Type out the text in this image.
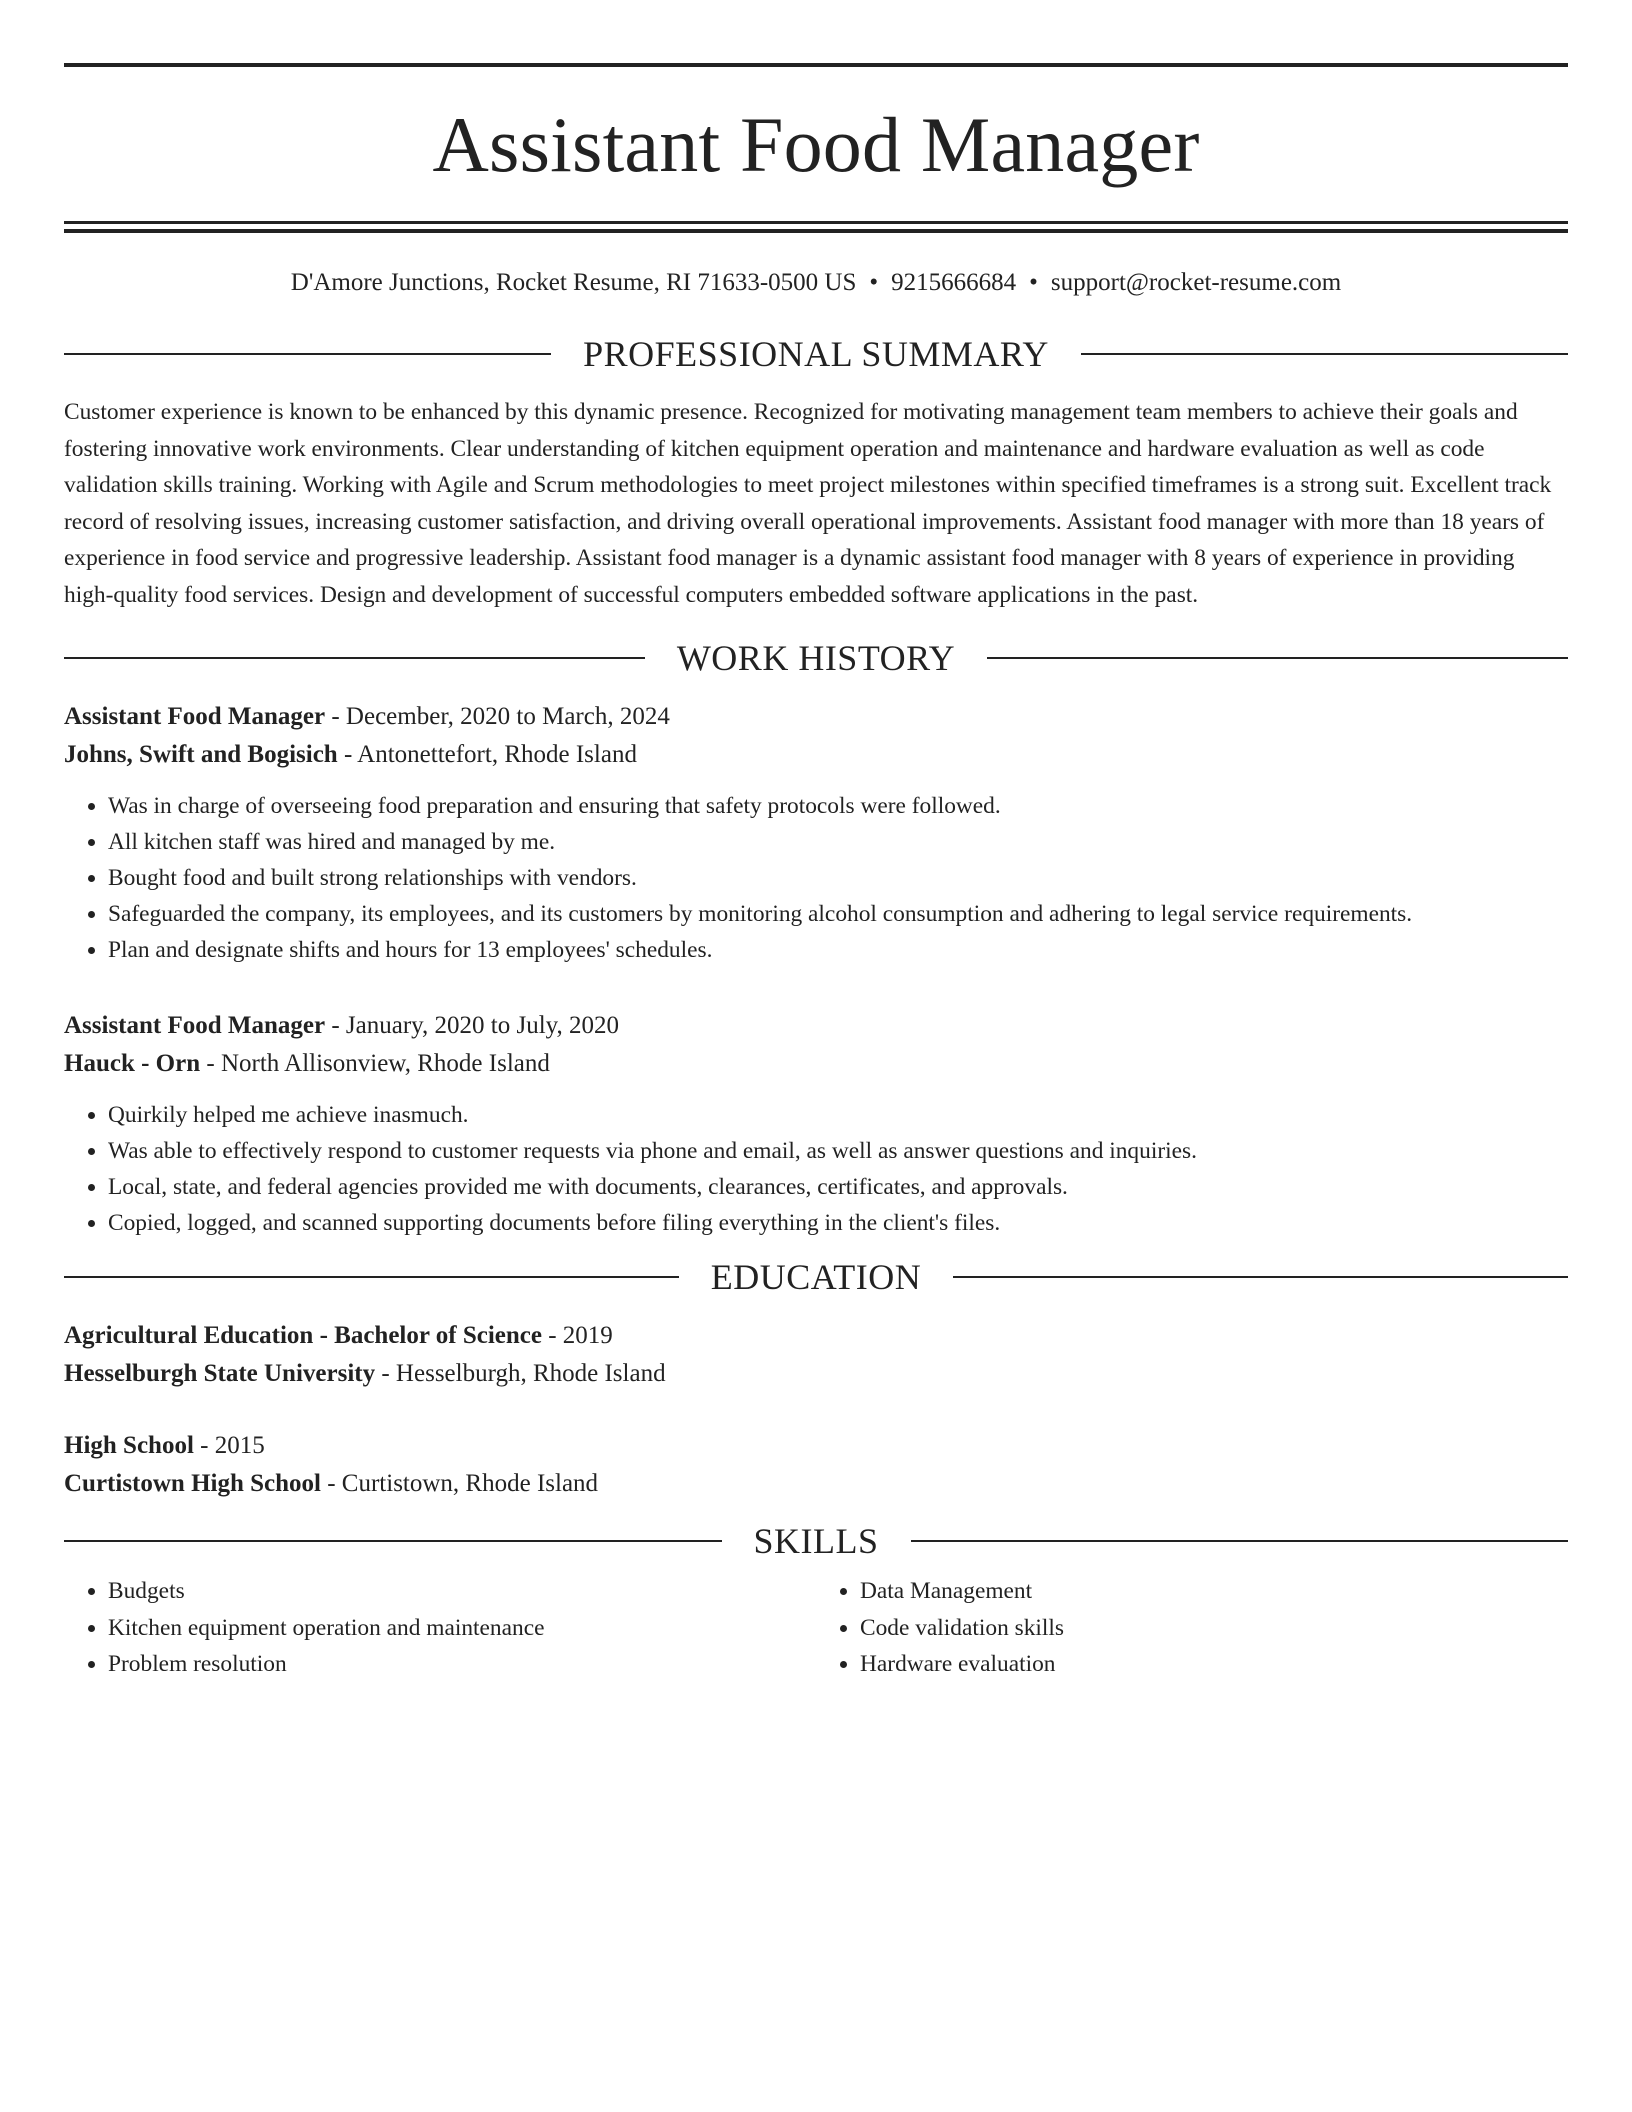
Assistant Food Manager
D'Amore Junctions, Rocket Resume, RI 71633-0500 US • 9215666684 • support@rocket-resume.com
PROFESSIONAL SUMMARY
Customer experience is known to be enhanced by this dynamic presence. Recognized for motivating management team members to achieve their goals and fostering innovative work environments. Clear understanding of kitchen equipment operation and maintenance and hardware evaluation as well as code validation skills training. Working with Agile and Scrum methodologies to meet project milestones within specified timeframes is a strong suit. Excellent track record of resolving issues, increasing customer satisfaction, and driving overall operational improvements. Assistant food manager with more than 18 years of experience in food service and progressive leadership. Assistant food manager is a dynamic assistant food manager with 8 years of experience in providing high-quality food services. Design and development of successful computers embedded software applications in the past.
WORK HISTORY
Assistant Food Manager - December, 2020 to March, 2024
Johns, Swift and Bogisich - Antonettefort, Rhode Island
• Was in charge of overseeing food preparation and ensuring that safety protocols were followed.
• All kitchen staff was hired and managed by me.
• Bought food and built strong relationships with vendors.
• Safeguarded the company, its employees, and its customers by monitoring alcohol consumption and adhering to legal service requirements.
• Plan and designate shifts and hours for 13 employees' schedules.
Assistant Food Manager - January, 2020 to July, 2020
Hauck - Orn - North Allisonview, Rhode Island
• Quirkily helped me achieve inasmuch.
• Was able to effectively respond to customer requests via phone and email, as well as answer questions and inquiries.
• Local, state, and federal agencies provided me with documents, clearances, certificates, and approvals.
• Copied, logged, and scanned supporting documents before filing everything in the client's files.
EDUCATION
Agricultural Education - Bachelor of Science - 2019
Hesselburgh State University - Hesselburgh, Rhode Island
High School - 2015
Curtistown High School - Curtistown, Rhode Island
SKILLS
• Budgets
• Kitchen equipment operation and maintenance
• Problem resolution
• Data Management
• Code validation skills
• Hardware evaluation
